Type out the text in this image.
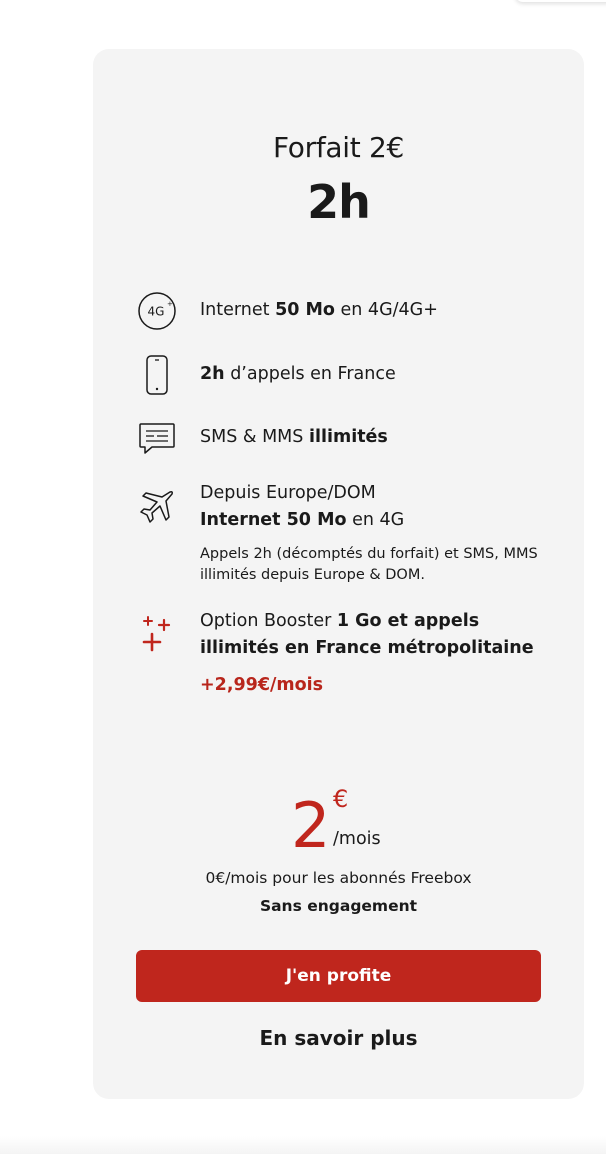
Forfait 2€
2h
4G
+ Internet 50 Mo en 4G/4G+
2h d’appels en France
SMS & MMS illimités
Depuis Europe/DOM
Internet 50 Mo en 4G
Appels 2h (décomptés du forfait) et SMS, MMS illimités depuis Europe & DOM.
Option Booster 1 Go et appels illimités en France métropolitaine
+2,99€/mois
2 €
/mois
0€/mois pour les abonnés Freebox
Sans engagement
J'en profite
En savoir plus
